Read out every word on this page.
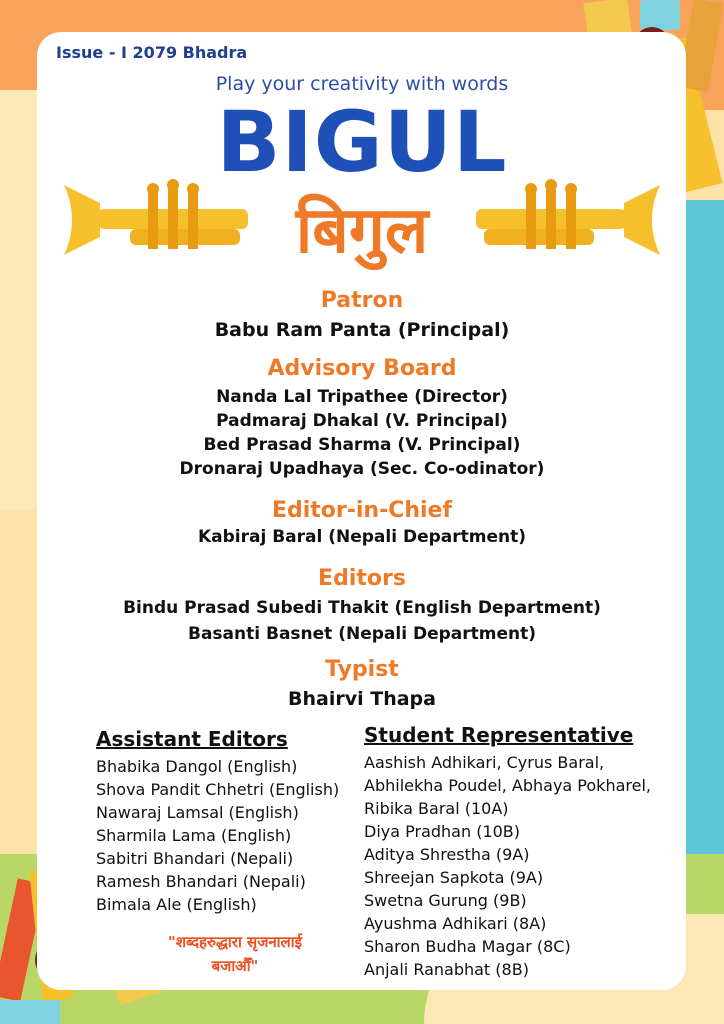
Issue - I 2079 Bhadra
Play your creativity with words
BIGUL
बिगुल
Patron
Babu Ram Panta (Principal)
Advisory Board
Nanda Lal Tripathee (Director)
Padmaraj Dhakal (V. Principal)
Bed Prasad Sharma (V. Principal)
Dronaraj Upadhaya (Sec. Co-odinator)
Editor-in-Chief
Kabiraj Baral (Nepali Department)
Editors
Bindu Prasad Subedi Thakit (English Department)
Basanti Basnet (Nepali Department)
Typist
Bhairvi Thapa
Assistant Editors
Bhabika Dangol (English)
Shova Pandit Chhetri (English)
Nawaraj Lamsal (English)
Sharmila Lama (English)
Sabitri Bhandari (Nepali)
Ramesh Bhandari (Nepali)
Bimala Ale (English)
Student Representative
Aashish Adhikari, Cyrus Baral,
Abhilekha Poudel, Abhaya Pokharel,
Ribika Baral (10A)
Diya Pradhan (10B)
Aditya Shrestha (9A)
Shreejan Sapkota (9A)
Swetna Gurung (9B)
Ayushma Adhikari (8A)
Sharon Budha Magar (8C)
Anjali Ranabhat (8B)
"शब्दहरुद्धारा सृजनालाई
बजाऔँ"
